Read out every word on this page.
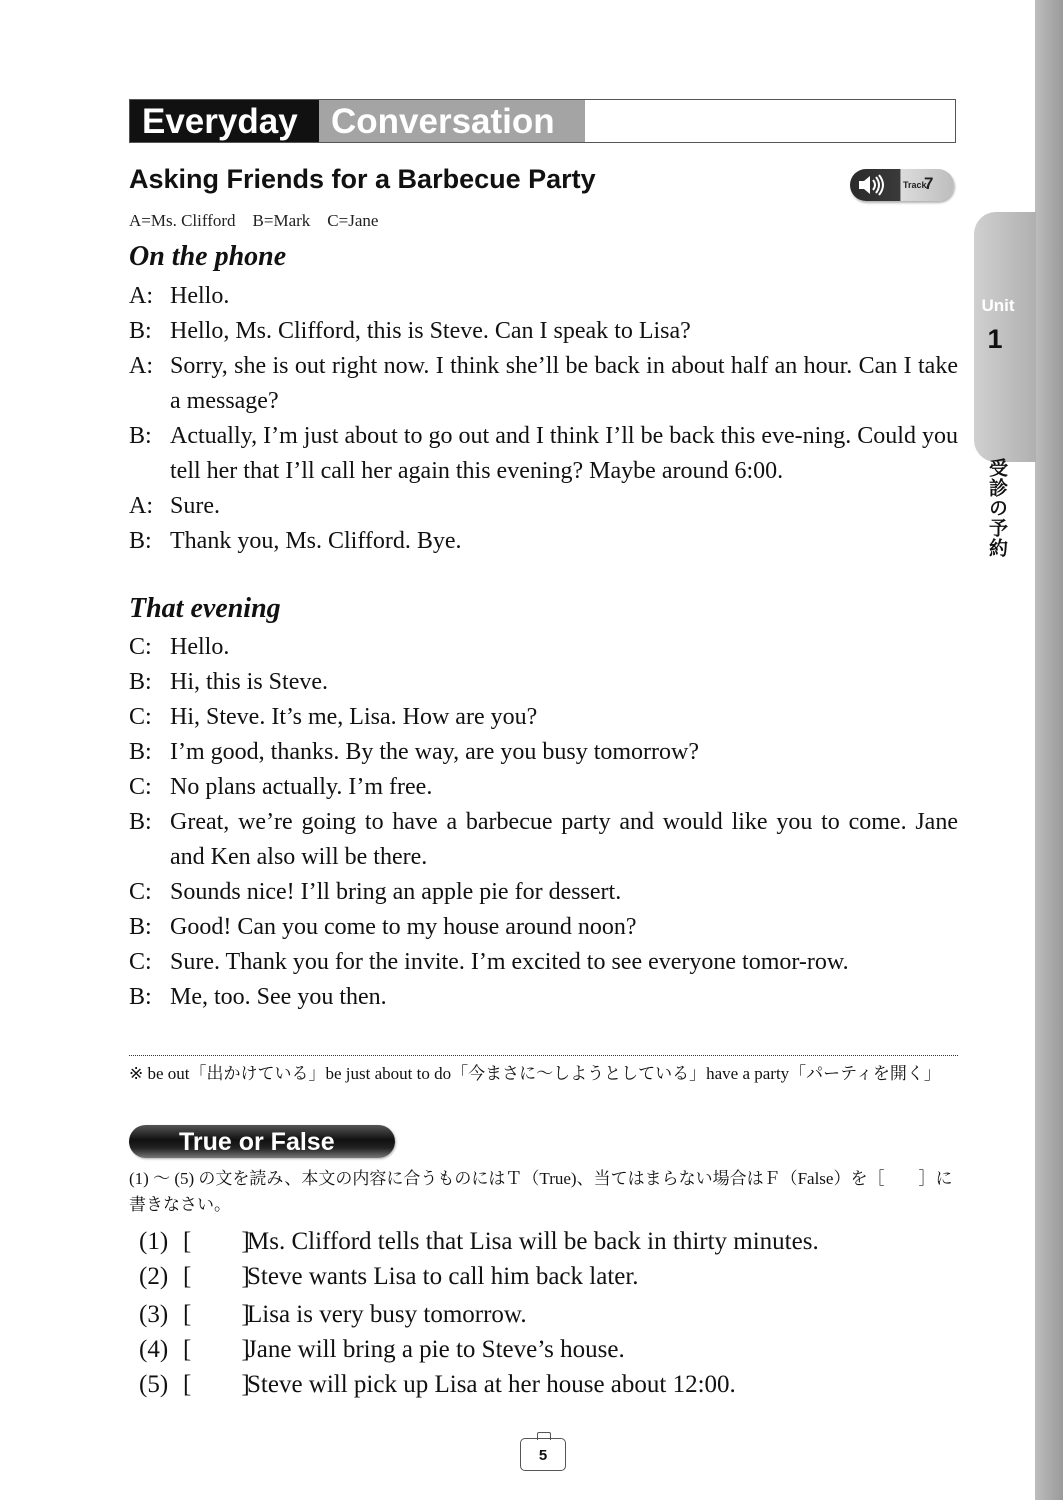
Unit
1
受診の予約
Everyday Conversation
Asking Friends for a Barbecue Party	Track
7
A=Ms. Clifford　B=Mark　C=Jane
On the phone
A: Hello.
B: Hello, Ms. Clifford, this is Steve. Can I speak to Lisa?
A: Sorry, she is out right now. I think she’ll be back in about half an hour. Can I take a message?
B: Actually, I’m just about to go out and I think I’ll be back this eve-ning. Could you tell her that I’ll call her again this evening? Maybe around 6:00.
A: Sure.
B: Thank you, Ms. Clifford. Bye.
That evening
C: Hello.
B: Hi, this is Steve.
C: Hi, Steve. It’s me, Lisa. How are you?
B: I’m good, thanks. By the way, are you busy tomorrow?
C: No plans actually. I’m free.
B: Great, we’re going to have a barbecue party and would like you to come. Jane and Ken also will be there.
C: Sounds nice! I’ll bring an apple pie for dessert.
B: Good! Can you come to my house around noon?
C: Sure. Thank you for the invite. I’m excited to see everyone tomor-row.
B: Me, too. See you then.
※ be out「出かけている」be just about to do「今まさに～しようとしている」have a party「パーティを開く」
True or False
(1) ～ (5) の文を読み、本文の内容に合うものにはＴ（True)、当てはまらない場合はＦ（False）を［　　］に書きなさい。
(1) [　　]
Ms. Clifford tells that Lisa will be back in thirty minutes.
(2) [　　]
Steve wants Lisa to call him back later.
(3) [　　]
Lisa is very busy tomorrow.
(4) [　　]
Jane will bring a pie to Steve’s house.
(5) [　　]
Steve will pick up Lisa at her house about 12:00.
5
